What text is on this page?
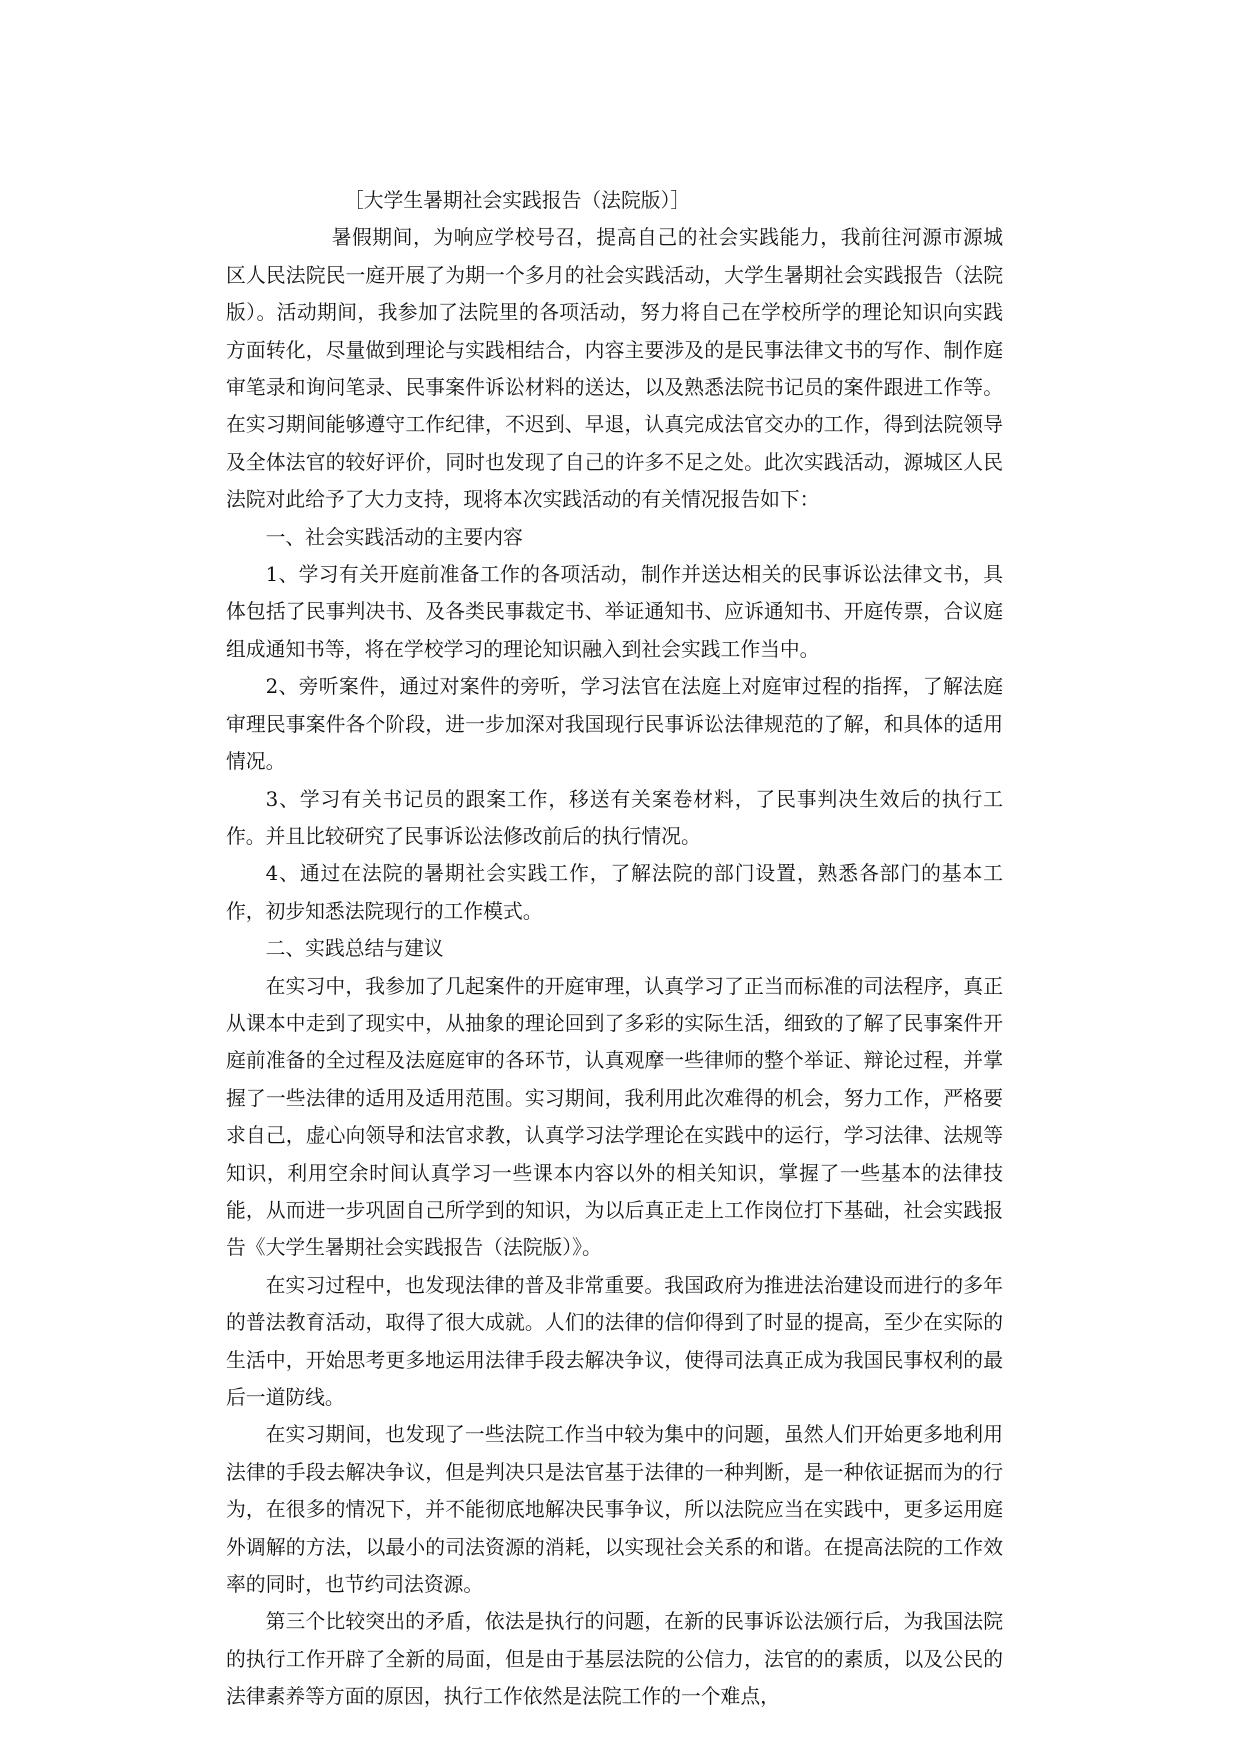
［大学生暑期社会实践报告（法院版）］

暑假期间，为响应学校号召，提高自己的社会实践能力，我前往河源市源城区人民法院民一庭开展了为期一个多月的社会实践活动，大学生暑期社会实践报告（法院版）。活动期间，我参加了法院里的各项活动，努力将自己在学校所学的理论知识向实践方面转化，尽量做到理论与实践相结合，内容主要涉及的是民事法律文书的写作、制作庭审笔录和询问笔录、民事案件诉讼材料的送达，以及熟悉法院书记员的案件跟进工作等。在实习期间能够遵守工作纪律，不迟到、早退，认真完成法官交办的工作，得到法院领导及全体法官的较好评价，同时也发现了自己的许多不足之处。此次实践活动，源城区人民法院对此给予了大力支持，现将本次实践活动的有关情况报告如下：

一、社会实践活动的主要内容

1、学习有关开庭前准备工作的各项活动，制作并送达相关的民事诉讼法律文书，具体包括了民事判决书、及各类民事裁定书、举证通知书、应诉通知书、开庭传票，合议庭组成通知书等，将在学校学习的理论知识融入到社会实践工作当中。

2、旁听案件，通过对案件的旁听，学习法官在法庭上对庭审过程的指挥，了解法庭审理民事案件各个阶段，进一步加深对我国现行民事诉讼法律规范的了解，和具体的适用情况。

3、学习有关书记员的跟案工作，移送有关案卷材料，了民事判决生效后的执行工作。并且比较研究了民事诉讼法修改前后的执行情况。

4、通过在法院的暑期社会实践工作，了解法院的部门设置，熟悉各部门的基本工作，初步知悉法院现行的工作模式。

二、实践总结与建议

在实习中，我参加了几起案件的开庭审理，认真学习了正当而标准的司法程序，真正从课本中走到了现实中，从抽象的理论回到了多彩的实际生活，细致的了解了民事案件开庭前准备的全过程及法庭庭审的各环节，认真观摩一些律师的整个举证、辩论过程，并掌握了一些法律的适用及适用范围。实习期间，我利用此次难得的机会，努力工作，严格要求自己，虚心向领导和法官求教，认真学习法学理论在实践中的运行，学习法律、法规等知识，利用空余时间认真学习一些课本内容以外的相关知识，掌握了一些基本的法律技能，从而进一步巩固自己所学到的知识，为以后真正走上工作岗位打下基础，社会实践报告《大学生暑期社会实践报告（法院版）》。

在实习过程中，也发现法律的普及非常重要。我国政府为推进法治建设而进行的多年的普法教育活动，取得了很大成就。人们的法律的信仰得到了时显的提高，至少在实际的生活中，开始思考更多地运用法律手段去解决争议，使得司法真正成为我国民事权利的最后一道防线。

在实习期间，也发现了一些法院工作当中较为集中的问题，虽然人们开始更多地利用法律的手段去解决争议，但是判决只是法官基于法律的一种判断，是一种依证据而为的行为，在很多的情况下，并不能彻底地解决民事争议，所以法院应当在实践中，更多运用庭外调解的方法，以最小的司法资源的消耗，以实现社会关系的和谐。在提高法院的工作效率的同时，也节约司法资源。

第三个比较突出的矛盾，依法是执行的问题，在新的民事诉讼法颁行后，为我国法院的执行工作开辟了全新的局面，但是由于基层法院的公信力，法官的的素质，以及公民的法律素养等方面的原因，执行工作依然是法院工作的一个难点，
